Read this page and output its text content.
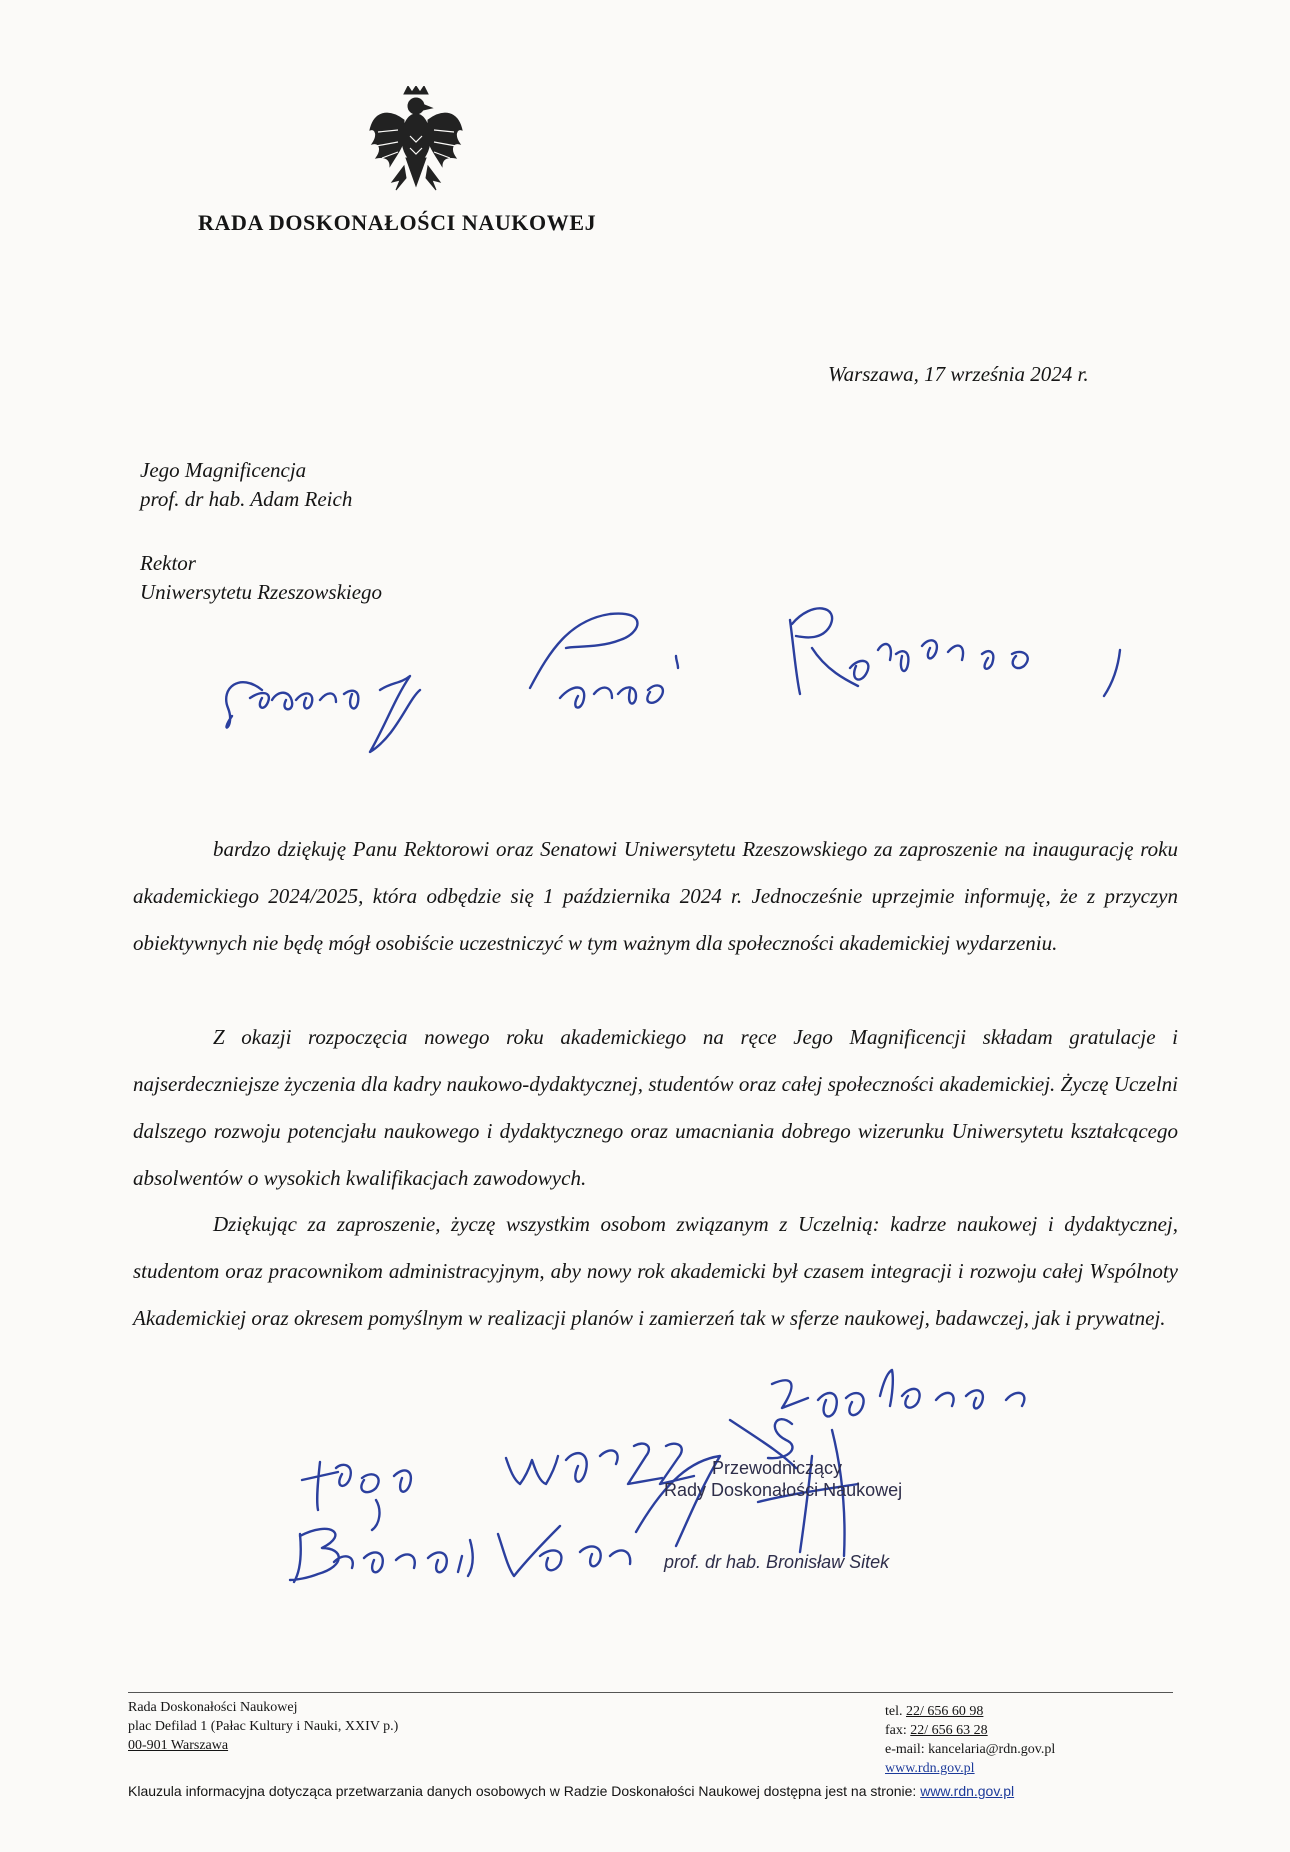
RADA DOSKONAŁOŚCI NAUKOWEJ
Warszawa, 17 września 2024 r.
Jego Magnificencja
prof. dr hab. Adam Reich
Rektor
Uniwersytetu Rzeszowskiego

bardzo dziękuję Panu Rektorowi oraz Senatowi Uniwersytetu Rzeszowskiego za zaproszenie na inaugurację roku akademickiego 2024/2025, która odbędzie się 1 października 2024 r. Jednocześnie uprzejmie informuję, że z przyczyn obiektywnych nie będę mógł osobiście uczestniczyć w tym ważnym dla społeczności akademickiej wydarzeniu.

Z okazji rozpoczęcia nowego roku akademickiego na ręce Jego Magnificencji składam gratulacje i najserdeczniejsze życzenia dla kadry naukowo-dydaktycznej, studentów oraz całej społeczności akademickiej. Życzę Uczelni dalszego rozwoju potencjału naukowego i dydaktycznego oraz umacniania dobrego wizerunku Uniwersytetu kształcącego absolwentów o wysokich kwalifikacjach zawodowych.

Dziękując za zaproszenie, życzę wszystkim osobom związanym z Uczelnią: kadrze naukowej i dydaktycznej, studentom oraz pracownikom administracyjnym, aby nowy rok akademicki był czasem integracji i rozwoju całej Wspólnoty Akademickiej oraz okresem pomyślnym w realizacji planów i zamierzeń tak w sferze naukowej, badawczej, jak i prywatnej.

Przewodniczący
Rady Doskonałości Naukowej
prof. dr hab. Bronisław Sitek
Rada Doskonałości Naukowej
plac Defilad 1 (Pałac Kultury i Nauki, XXIV p.)
00-901 Warszawa
tel. 22/ 656 60 98
fax: 22/ 656 63 28
e-mail: kancelaria@rdn.gov.pl
www.rdn.gov.pl
Klauzula informacyjna dotycząca przetwarzania danych osobowych w Radzie Doskonałości Naukowej dostępna jest na stronie: www.rdn.gov.pl
